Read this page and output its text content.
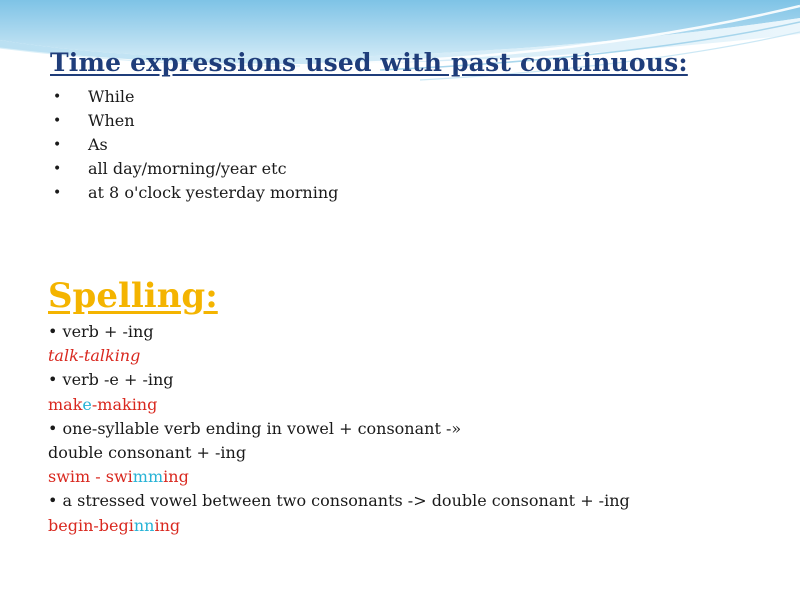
Time expressions used with past continuous:
• While
• When
• As
• all day/morning/year etc
• at 8 o'clock yesterday morning
Spelling:
• verb + -ing
talk-talking
• verb -e + -ing
make-making
• one-syllable verb ending in vowel + consonant -»
double consonant + -ing
swim - swimming
• a stressed vowel between two consonants -> double consonant + -ing
begin-beginning
